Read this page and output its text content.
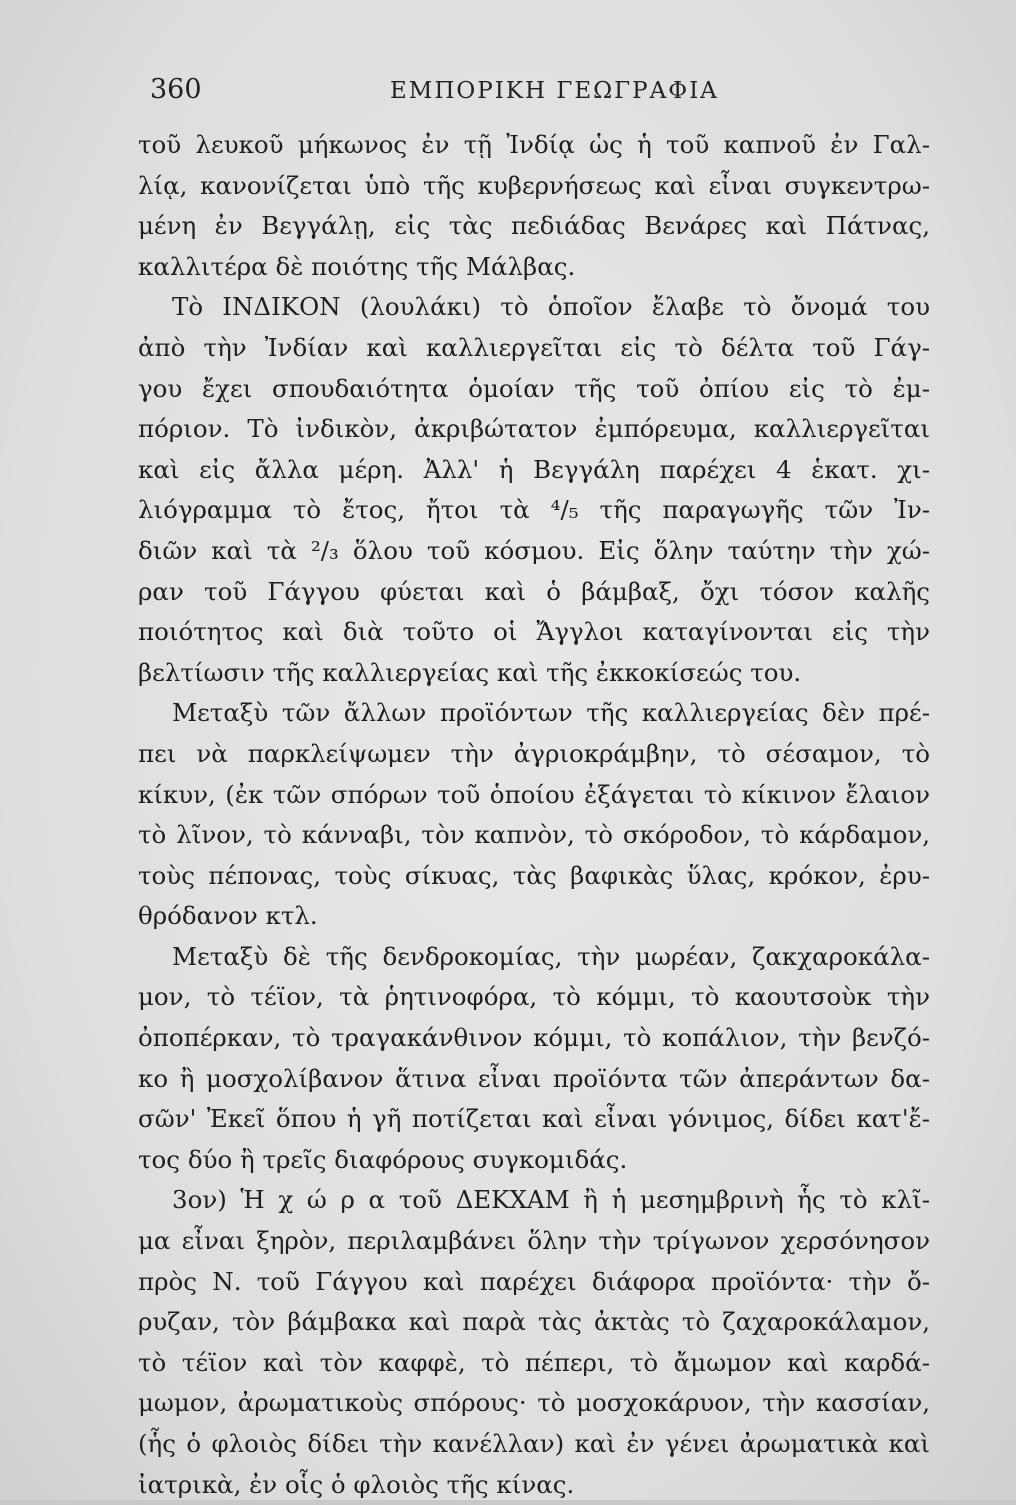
360	ΕΜΠΟΡΙΚΗ ΓΕΩΓΡΑΦΙΑ
τοῦ λευκοῦ μήκωνος ἐν τῇ Ἰνδίᾳ ὡς ἡ τοῦ καπνοῦ ἐν Γαλ-
λίᾳ, κανονίζεται ὑπὸ τῆς κυβερνήσεως καὶ εἶναι συγκεντρω-
μένη ἐν Βεγγάλῃ, εἰς τὰς πεδιάδας Βενάρες καὶ Πάτνας,
καλλιτέρα δὲ ποιότης τῆς Μάλβας.
Τὸ ΙΝΔΙΚΟΝ (λουλάκι) τὸ ὁποῖον ἔλαβε τὸ ὄνομά του
ἀπὸ τὴν Ἰνδίαν καὶ καλλιεργεῖται εἰς τὸ δέλτα τοῦ Γάγ-
γου ἔχει σπουδαιότητα ὁμοίαν τῆς τοῦ ὀπίου εἰς τὸ ἐμ-
πόριον. Τὸ ἰνδικὸν, ἀκριβώτατον ἐμπόρευμα, καλλιεργεῖται
καὶ εἰς ἄλλα μέρη. Ἀλλ' ἡ Βεγγάλη παρέχει 4 ἑκατ. χι-
λιόγραμμα τὸ ἔτος, ἤτοι τὰ ⁴/₅ τῆς παραγωγῆς τῶν Ἰν-
διῶν καὶ τὰ ²/₃ ὅλου τοῦ κόσμου. Εἰς ὅλην ταύτην τὴν χώ-
ραν τοῦ Γάγγου φύεται καὶ ὁ βάμβαξ, ὄχι τόσον καλῆς
ποιότητος καὶ διὰ τοῦτο οἱ Ἄγγλοι καταγίνονται εἰς τὴν
βελτίωσιν τῆς καλλιεργείας καὶ τῆς ἐκκοκίσεώς του.
Μεταξὺ τῶν ἄλλων προϊόντων τῆς καλλιεργείας δὲν πρέ-
πει νὰ παρκλείψωμεν τὴν ἀγριοκράμβην, τὸ σέσαμον, τὸ
κίκυν, (ἐκ τῶν σπόρων τοῦ ὁποίου ἐξάγεται τὸ κίκινον ἔλαιον
τὸ λῖνον, τὸ κάνναβι, τὸν καπνὸν, τὸ σκόροδον, τὸ κάρδαμον,
τοὺς πέπονας, τοὺς σίκυας, τὰς βαφικὰς ὕλας, κρόκον, ἐρυ-
θρόδανον κτλ.
Μεταξὺ δὲ τῆς δενδροκομίας, τὴν μωρέαν, ζακχαροκάλα-
μον, τὸ τέϊον, τὰ ῥητινοφόρα, τὸ κόμμι, τὸ καουτσοὺκ τὴν
ὀποπέρκαν, τὸ τραγακάνθινον κόμμι, τὸ κοπάλιον, τὴν βενζό-
κο ἢ μοσχολίβανον ἅτινα εἶναι προϊόντα τῶν ἀπεράντων δα-
σῶν' Ἐκεῖ ὅπου ἡ γῆ ποτίζεται καὶ εἶναι γόνιμος, δίδει κατ'ἔ-
τος δύο ἢ τρεῖς διαφόρους συγκομιδάς.
3ον) Ἡ χ ώ ρ α τοῦ ΔΕΚΧΑΜ ἢ ἡ μεσημβρινὴ ἧς τὸ κλῖ-
μα εἶναι ξηρὸν, περιλαμβάνει ὅλην τὴν τρίγωνον χερσόνησον
πρὸς Ν. τοῦ Γάγγου καὶ παρέχει διάφορα προϊόντα· τὴν ὄ-
ρυζαν, τὸν βάμβακα καὶ παρὰ τὰς ἀκτὰς τὸ ζαχαροκάλαμον,
τὸ τέϊον καὶ τὸν καφφὲ, τὸ πέπερι, τὸ ἄμωμον καὶ καρδά-
μωμον, ἀρωματικοὺς σπόρους· τὸ μοσχοκάρυον, τὴν κασσίαν,
(ἧς ὁ φλοιὸς δίδει τὴν κανέλλαν) καὶ ἐν γένει ἀρωματικὰ καὶ
ἰατρικὰ, ἐν οἷς ὁ φλοιὸς τῆς κίνας.
